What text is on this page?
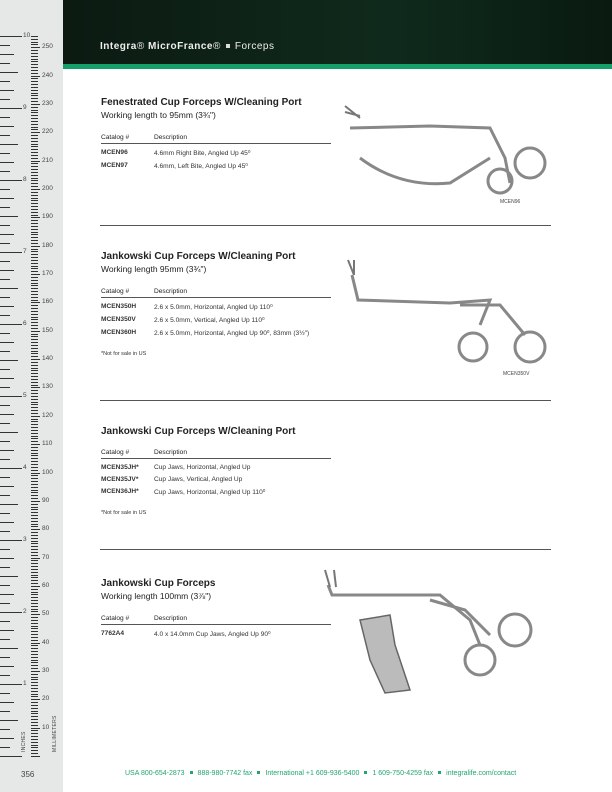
1
2
3
4
5
6
7
8
9
10
10
20
30
40
50
60
70
80
90
100
110
120
130
140
150
160
170
180
190
200
210
220
230
240
250
INCHES	MILLIMETERS
356
Integra® MicroFrance® Forceps
Fenestrated Cup Forceps W/Cleaning Port
Working length to 95mm (3¾")
Catalog #	Description
MCEN96	4.6mm Right Bite, Angled Up 45⁰
MCEN97	4.6mm, Left Bite, Angled Up 45⁰
MCEN96
Jankowski Cup Forceps W/Cleaning Port
Working length 95mm (3¾")
Catalog #	Description
MCEN350H	2.6 x 5.0mm, Horizontal, Angled Up 110⁰
MCEN350V	2.6 x 5.0mm, Vertical, Angled Up 110⁰
MCEN360H	2.6 x 5.0mm, Horizontal, Angled Up 90⁰, 83mm (3½")
*Not for sale in US
MCEN350V
Jankowski Cup Forceps W/Cleaning Port
Catalog #	Description
MCEN35JH*	Cup Jaws, Horizontal, Angled Up
MCEN35JV*	Cup Jaws, Vertical, Angled Up
MCEN36JH*	Cup Jaws, Horizontal, Angled Up 110⁰
*Not for sale in US
Jankowski Cup Forceps
Working length 100mm (3⅞")
Catalog #	Description
7762A4	4.0 x 14.0mm Cup Jaws, Angled Up 90⁰
USA 800-654-2873 888-980-7742 fax International +1 609-936-5400 1 609-750-4259 fax integralife.com/contact
